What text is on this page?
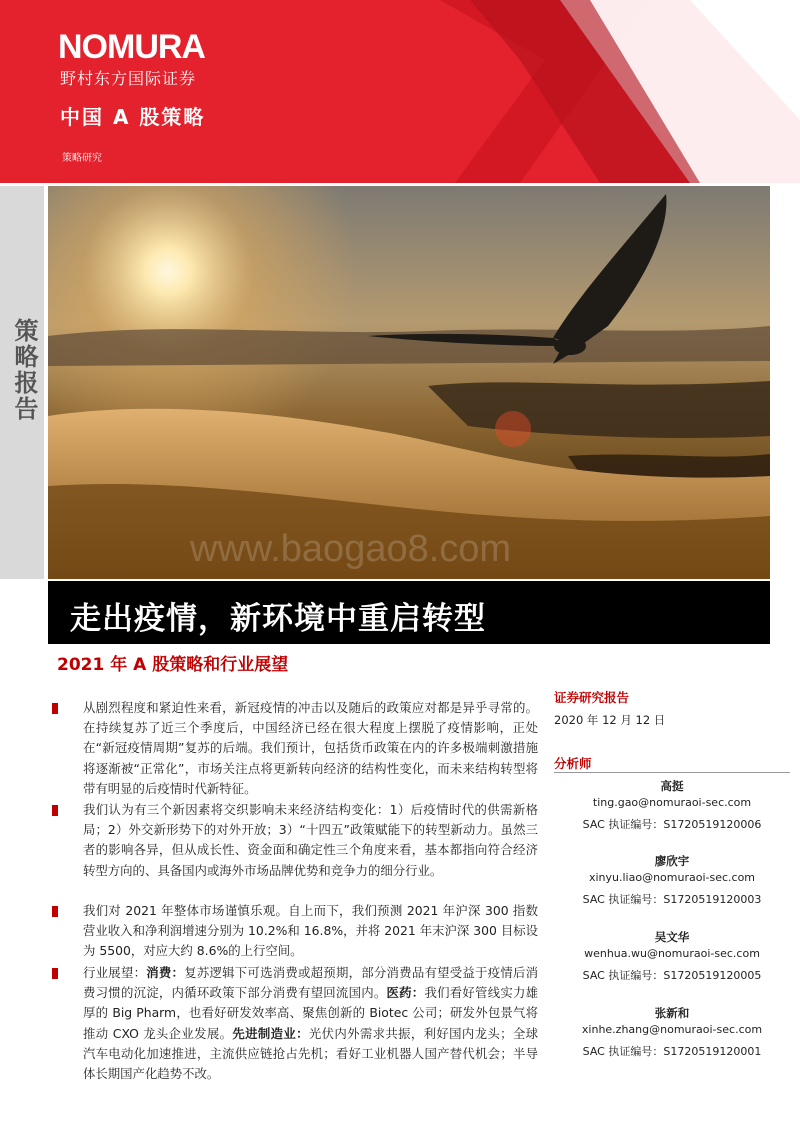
NOMURA
野村东方国际证券
中国 A 股策略
策略研究
策略报告
www.baogao8.com
走出疫情，新环境中重启转型
2021 年 A 股策略和行业展望
从剧烈程度和紧迫性来看，新冠疫情的冲击以及随后的政策应对都是异乎寻常的。在持续复苏了近三个季度后，中国经济已经在很大程度上摆脱了疫情影响，正处在“新冠疫情周期”复苏的后端。我们预计，包括货币政策在内的许多极端刺激措施将逐渐被“正常化”，市场关注点将更新转向经济的结构性变化，而未来结构转型将带有明显的后疫情时代新特征。
我们认为有三个新因素将交织影响未来经济结构变化：1）后疫情时代的供需新格局；2）外交新形势下的对外开放；3）“十四五”政策赋能下的转型新动力。虽然三者的影响各异，但从成长性、资金面和确定性三个角度来看，基本都指向符合经济转型方向的、具备国内或海外市场品牌优势和竞争力的细分行业。
我们对 2021 年整体市场谨慎乐观。自上而下，我们预测 2021 年沪深 300 指数营业收入和净利润增速分别为 10.2%和 16.8%，并将 2021 年末沪深 300 目标设为 5500，对应大约 8.6%的上行空间。
行业展望：消费：复苏逻辑下可选消费或超预期，部分消费品有望受益于疫情后消费习惯的沉淀，内循环政策下部分消费有望回流国内。医药：我们看好管线实力雄厚的 Big Pharm，也看好研发效率高、聚焦创新的 Biotec 公司；研发外包景气将推动 CXO 龙头企业发展。先进制造业：光伏内外需求共振，利好国内龙头；全球汽车电动化加速推进，主流供应链抢占先机；看好工业机器人国产替代机会；半导体长期国产化趋势不改。
证券研究报告
2020 年 12 月 12 日
分析师
高挺
ting.gao@nomuraoi-sec.com
SAC 执证编号：S1720519120006
廖欣宇
xinyu.liao@nomuraoi-sec.com
SAC 执证编号：S1720519120003
吴文华
wenhua.wu@nomuraoi-sec.com
SAC 执证编号：S1720519120005
张新和
xinhe.zhang@nomuraoi-sec.com
SAC 执证编号：S1720519120001
